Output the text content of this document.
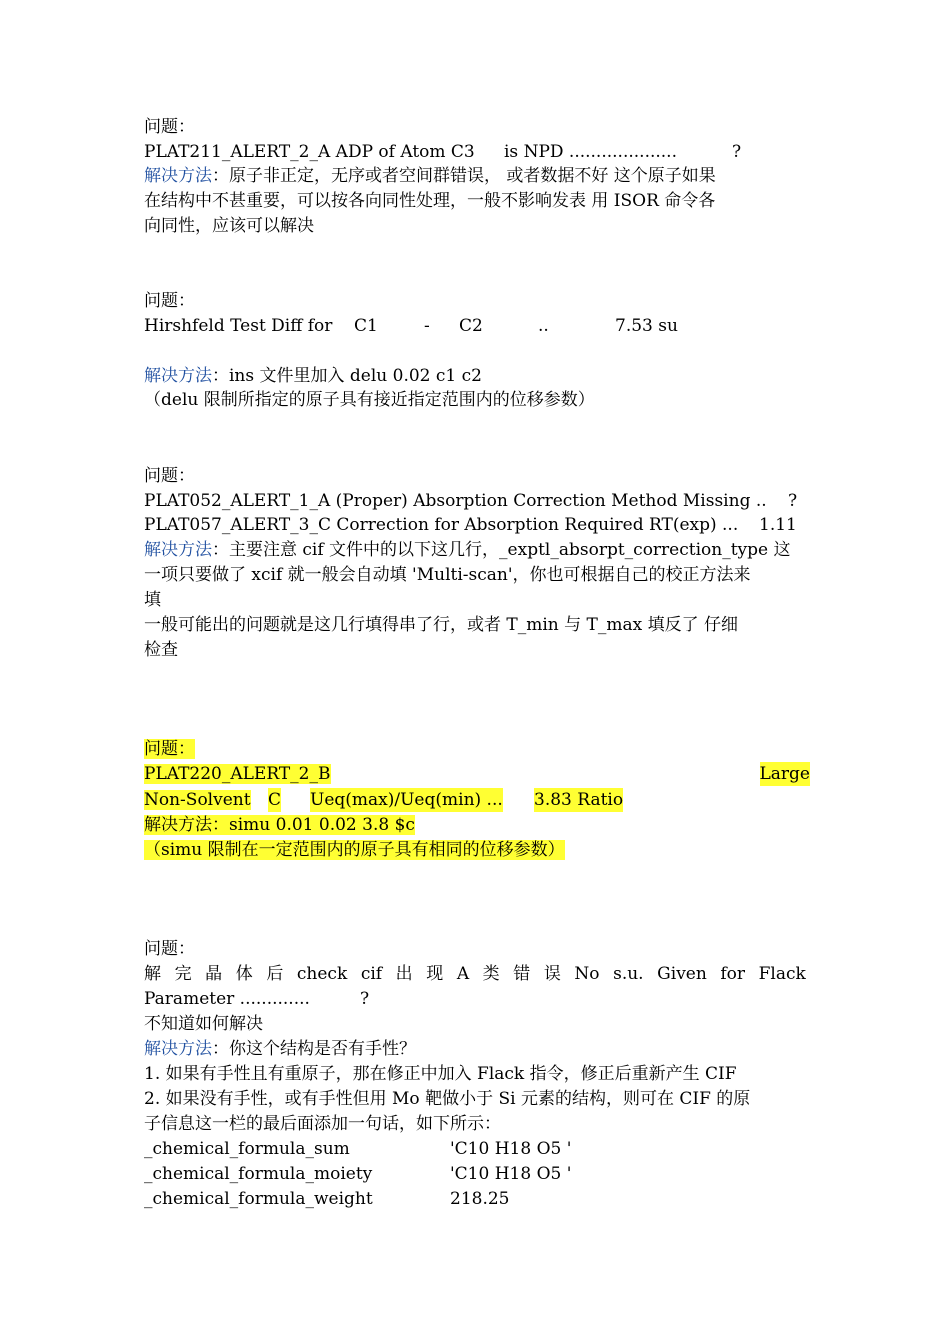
问题：
PLAT211_ALERT_2_A ADP of Atom C3 is NPD ....................	?
解决方法：原子非正定，无序或者空间群错误， 或者数据不好 这个原子如果
在结构中不甚重要，可以按各向同性处理，一般不影响发表 用 ISOR 命令各
向同性，应该可以解决
问题：
Hirshfeld Test Diff for C1	- C2	..	7.53 su
解决方法：ins 文件里加入 delu 0.02 c1 c2
（delu 限制所指定的原子具有接近指定范围内的位移参数）
问题：
PLAT052_ALERT_1_A (Proper) Absorption Correction Method Missing .. ?
PLAT057_ALERT_3_C Correction for Absorption Required RT(exp) ... 1.11
解决方法：主要注意 cif 文件中的以下这几行，_exptl_absorpt_correction_type 这
一项只要做了 xcif 就一般会自动填 'Multi-scan'，你也可根据自己的校正方法来
填
一般可能出的问题就是这几行填得串了行，或者 T_min 与 T_max 填反了 仔细
检查
问题：
PLAT220_ALERT_2_B	Large
Non-Solvent C Ueq(max)/Ueq(min) ... 3.83 Ratio
解决方法：simu 0.01 0.02 3.8 $c
（simu 限制在一定范围内的原子具有相同的位移参数）
问题：
解 完 晶 体 后 check cif 出 现 A 类 错 误 No s.u. Given for Flack
Parameter .............	?
不知道如何解决
解决方法：你这个结构是否有手性？
1. 如果有手性且有重原子，那在修正中加入 Flack 指令，修正后重新产生 CIF
2. 如果没有手性，或有手性但用 Mo 靶做小于 Si 元素的结构，则可在 CIF 的原
子信息这一栏的最后面添加一句话，如下所示：
_chemical_formula_sum	'C10 H18 O5 '
_chemical_formula_moiety	'C10 H18 O5 '
_chemical_formula_weight	218.25
